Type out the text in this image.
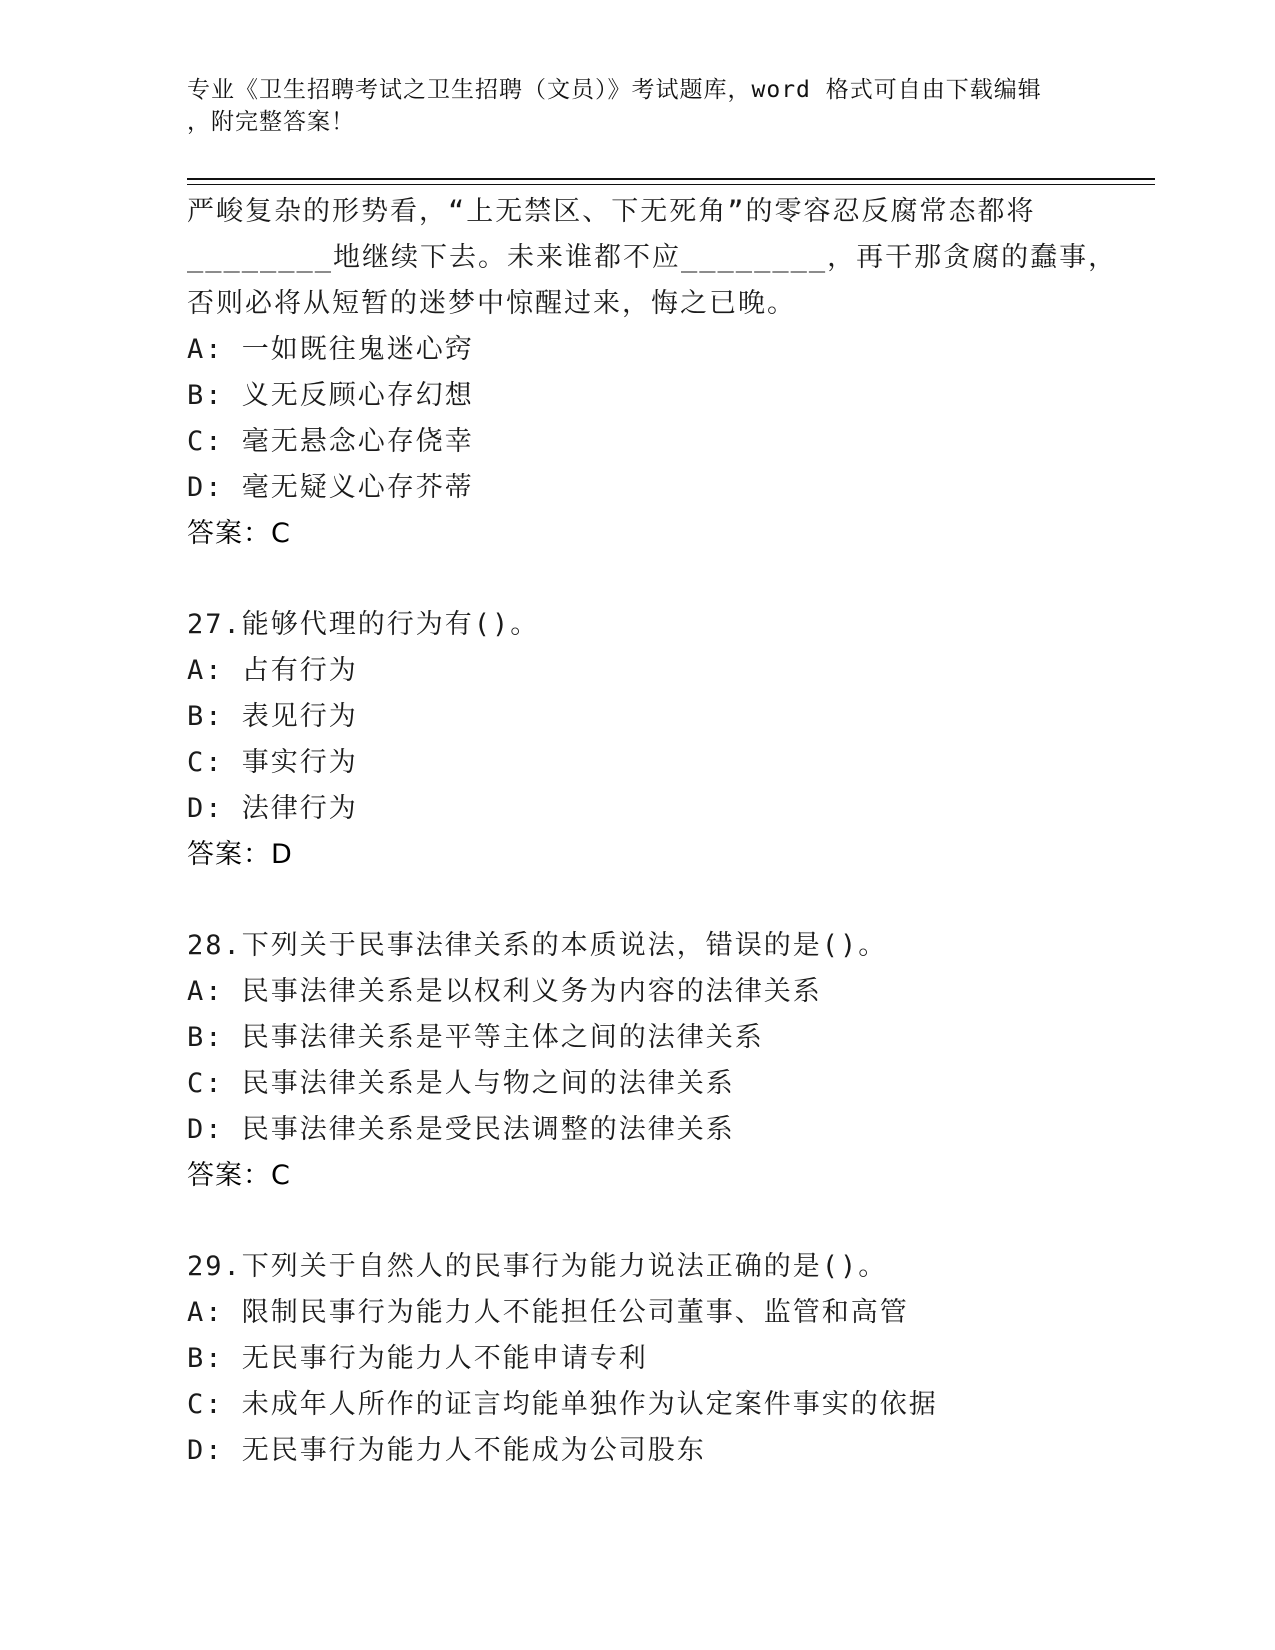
专业《卫生招聘考试之卫生招聘（文员）》考试题库，word 格式可自由下载编辑
，附完整答案！
严峻复杂的形势看，“上无禁区、下无死角”的零容忍反腐常态都将
________地继续下去。未来谁都不应________，再干那贪腐的蠢事，
否则必将从短暂的迷梦中惊醒过来，悔之已晚。
A: 一如既往鬼迷心窍
B: 义无反顾心存幻想
C: 毫无悬念心存侥幸
D: 毫无疑义心存芥蒂
答案：C
27.能够代理的行为有()。
A: 占有行为
B: 表见行为
C: 事实行为
D: 法律行为
答案：D
28.下列关于民事法律关系的本质说法，错误的是()。
A: 民事法律关系是以权利义务为内容的法律关系
B: 民事法律关系是平等主体之间的法律关系
C: 民事法律关系是人与物之间的法律关系
D: 民事法律关系是受民法调整的法律关系
答案：C
29.下列关于自然人的民事行为能力说法正确的是()。
A: 限制民事行为能力人不能担任公司董事、监管和高管
B: 无民事行为能力人不能申请专利
C: 未成年人所作的证言均能单独作为认定案件事实的依据
D: 无民事行为能力人不能成为公司股东
